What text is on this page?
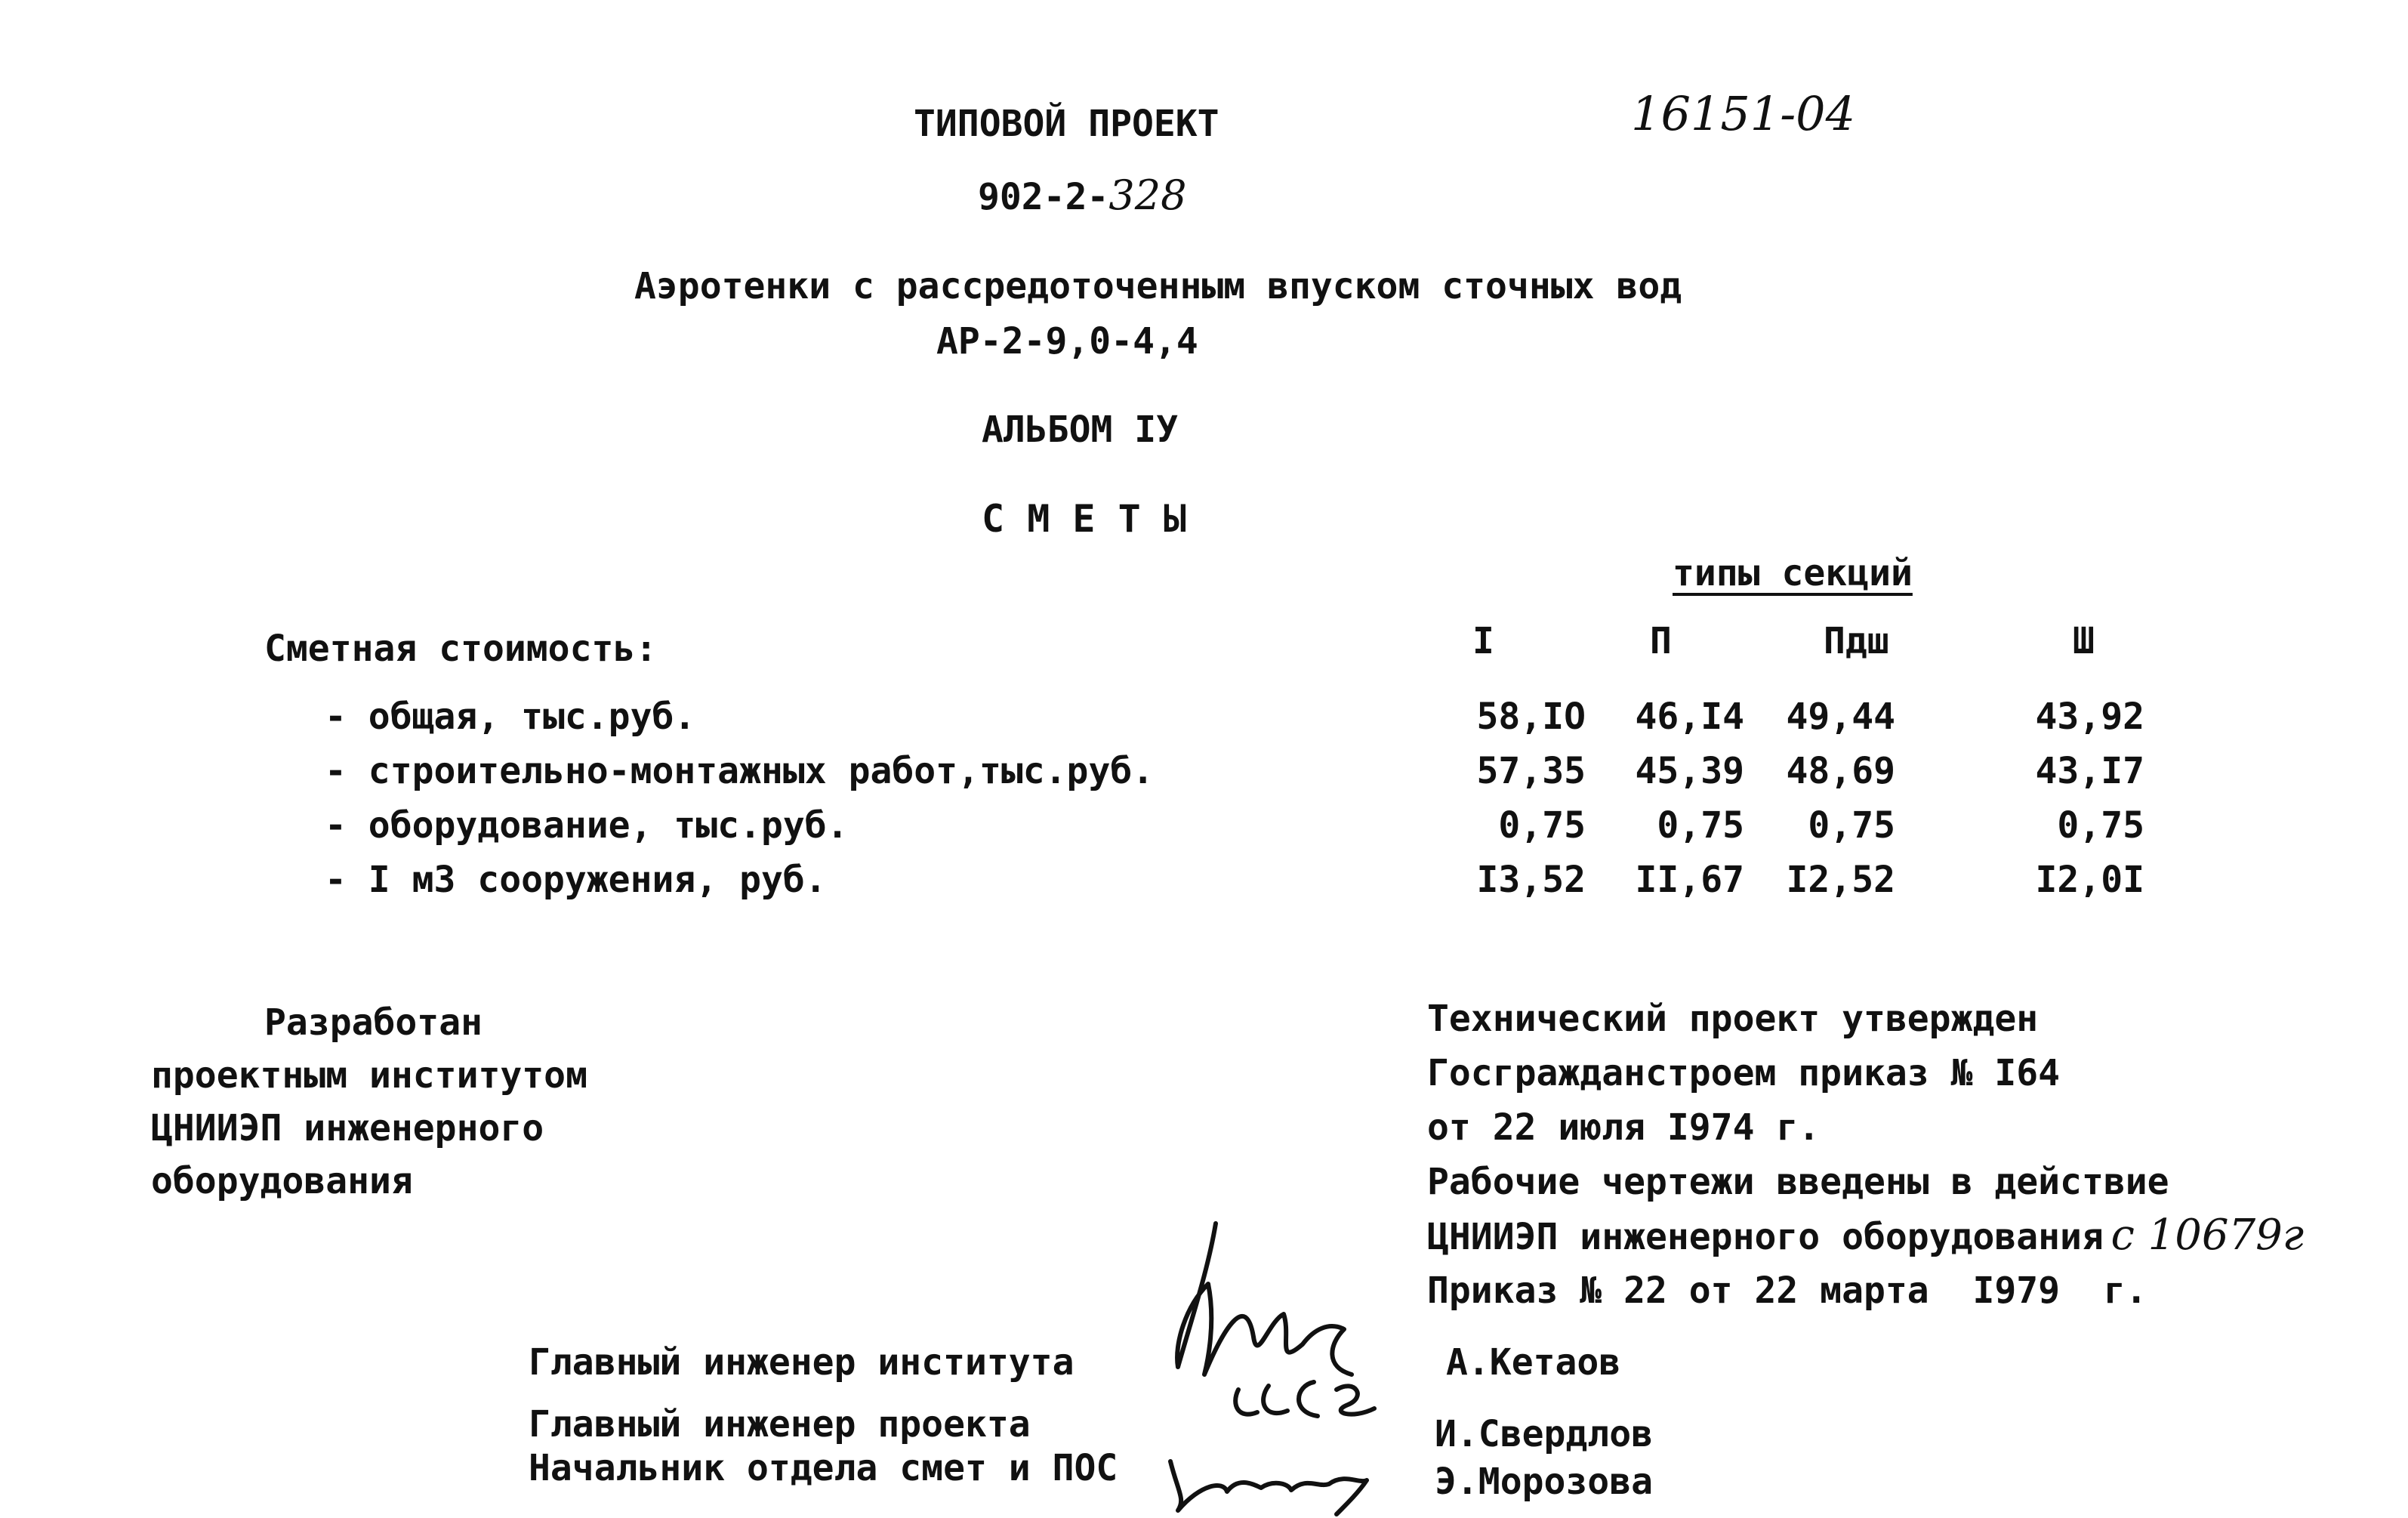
ТИПОВОЙ ПРОЕКТ	16151-04
902-2-328
Аэротенки с рассредоточенным впуском сточных вод
АР-2-9,0-4,4
АЛЬБОМ IУ
С М Е Т Ы
типы секций
Сметная стоимость:	I	П	Пдш	Ш
- общая, тыс.руб.	58,IO	46,I4	49,44	43,92
- строительно-монтажных работ,тыс.руб.	57,35	45,39	48,69	43,I7
- оборудование, тыс.руб.	0,75	0,75	0,75	0,75
- I м3 сооружения, руб.	I3,52	II,67	I2,52	I2,0I
Разработан
проектным институтом
ЦНИИЭП инженерного
оборудования
Технический проект утвержден
Госгражданстроем приказ № I64
от 22 июля I974 г.
Рабочие чертежи введены в действие
ЦНИИЭП инженерного оборудования с 10679г
Приказ № 22 от 22 марта  I979  г.
Главный инженер института	А.Кетаов
Главный инженер проекта	И.Свердлов
Начальник отдела смет и ПОС	Э.Морозова
